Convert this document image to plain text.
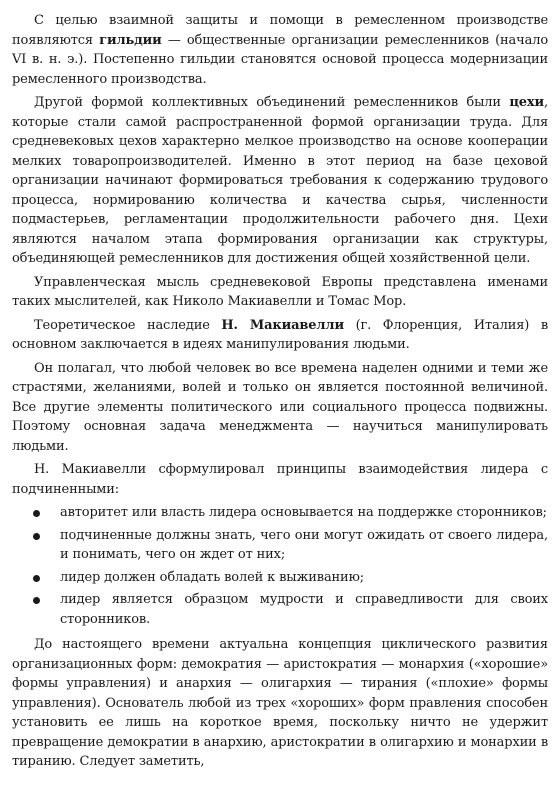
С целью взаимной защиты и помощи в ремесленном производстве появляются гильдии — общественные организации ремесленников (начало VI в. н. э.). Постепенно гильдии становятся основой процесса модернизации ремесленного производства.

Другой формой коллективных объединений ремесленников были цехи, которые стали самой распространенной формой организации труда. Для средневековых цехов характерно мелкое производство на основе кооперации мелких товаропроизводителей. Именно в этот период на базе цеховой организации начинают формироваться требования к содержанию трудового процесса, нормированию количества и качества сырья, численности подмастерьев, регламентации продолжительности рабочего дня. Цехи являются началом этапа формирования организации как структуры, объединяющей ремесленников для достижения общей хозяйственной цели.

Управленческая мысль средневековой Европы представлена именами таких мыслителей, как Николо Макиавелли и Томас Мор.

Теоретическое наследие Н. Макиавелли (г. Флоренция, Италия) в основном заключается в идеях манипулирования людьми.

Он полагал, что любой человек во все времена наделен одними и теми же страстями, желаниями, волей и только он является постоянной величиной. Все другие элементы политического или социального процесса подвижны. Поэтому основная задача менеджмента — научиться манипулировать людьми.

Н. Макиавелли сформулировал принципы взаимодействия лидера с подчиненными:

авторитет или власть лидера основывается на поддержке сторонников;
подчиненные должны знать, чего они могут ожидать от своего лидера, и понимать, чего он ждет от них;
лидер должен обладать волей к выживанию;
лидер является образцом мудрости и справедливости для своих сторонников.

До настоящего времени актуальна концепция циклического развития организационных форм: демократия — аристократия — монархия («хорошие» формы управления) и анархия — олигархия — тирания («плохие» формы управления). Основатель любой из трех «хороших» форм правления способен установить ее лишь на короткое время, поскольку ничто не удержит превращение демократии в анархию, аристократии в олигархию и монархии в тиранию. Следует заметить,
